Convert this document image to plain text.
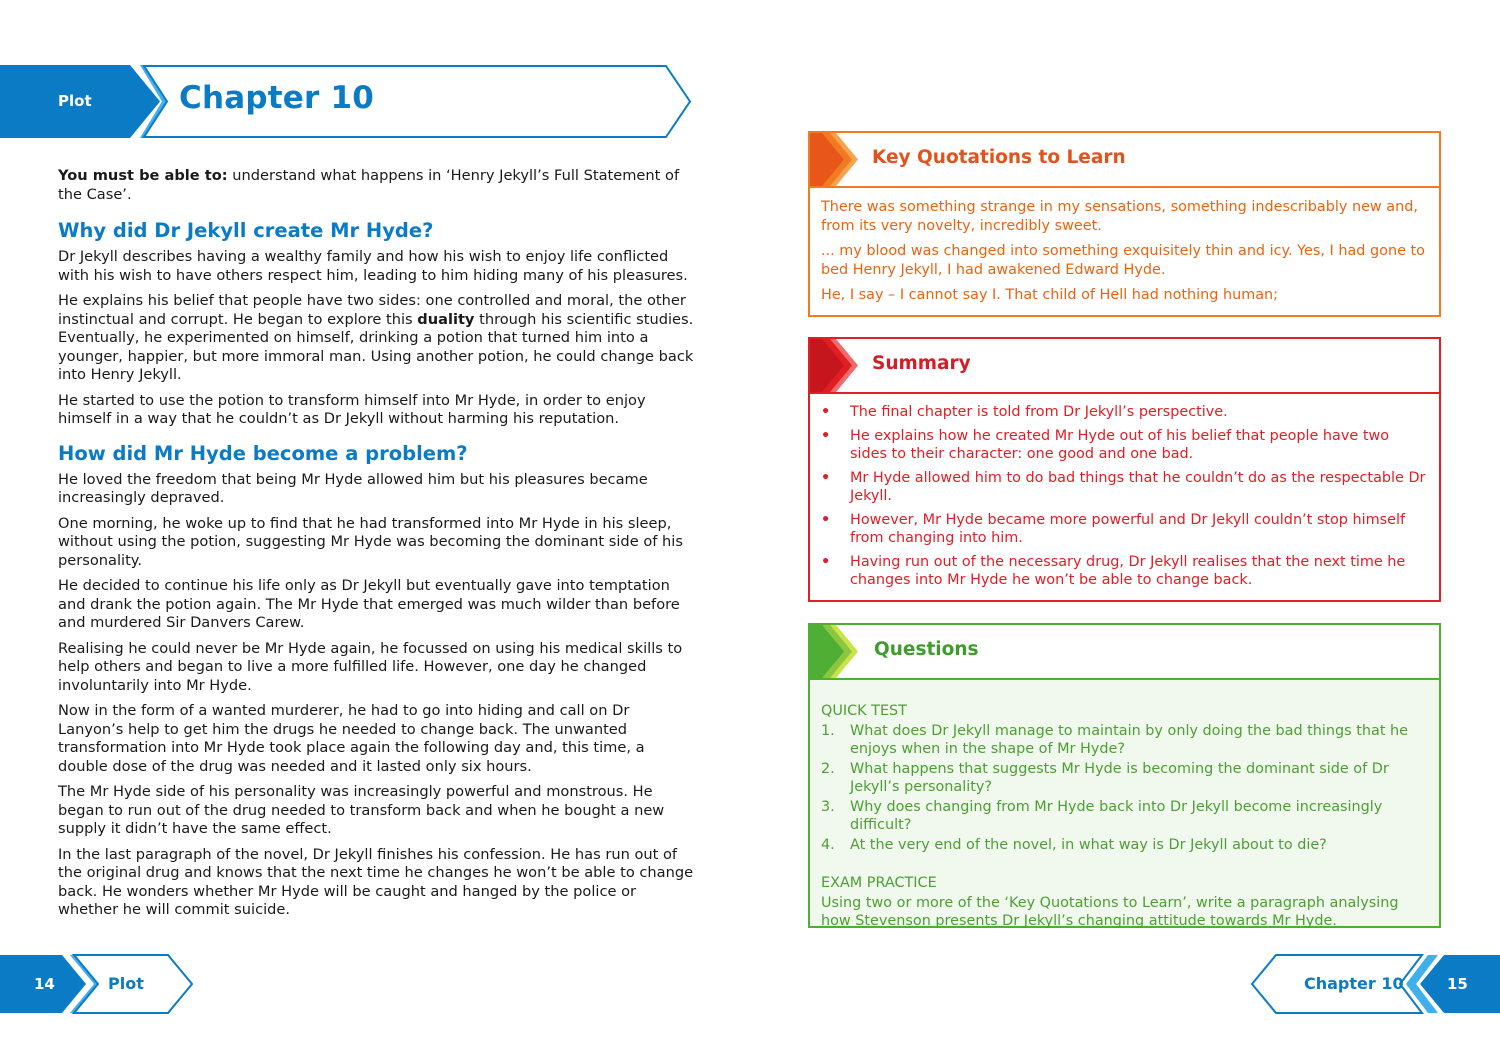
Plot	Chapter 10

You must be able to: understand what happens in ‘Henry Jekyll’s Full Statement of the Case’.

Why did Dr Jekyll create Mr Hyde?

Dr Jekyll describes having a wealthy family and how his wish to enjoy life conflicted with his wish to have others respect him, leading to him hiding many of his pleasures.

He explains his belief that people have two sides: one controlled and moral, the other instinctual and corrupt. He began to explore this duality through his scientific studies. Eventually, he experimented on himself, drinking a potion that turned him into a younger, happier, but more immoral man. Using another potion, he could change back into Henry Jekyll.

He started to use the potion to transform himself into Mr Hyde, in order to enjoy himself in a way that he couldn’t as Dr Jekyll without harming his reputation.

How did Mr Hyde become a problem?

He loved the freedom that being Mr Hyde allowed him but his pleasures became increasingly depraved.

One morning, he woke up to find that he had transformed into Mr Hyde in his sleep, without using the potion, suggesting Mr Hyde was becoming the dominant side of his personality.

He decided to continue his life only as Dr Jekyll but eventually gave into temptation and drank the potion again. The Mr Hyde that emerged was much wilder than before and murdered Sir Danvers Carew.

Realising he could never be Mr Hyde again, he focussed on using his medical skills to help others and began to live a more fulfilled life. However, one day he changed involuntarily into Mr Hyde.

Now in the form of a wanted murderer, he had to go into hiding and call on Dr Lanyon’s help to get him the drugs he needed to change back. The unwanted transformation into Mr Hyde took place again the following day and, this time, a double dose of the drug was needed and it lasted only six hours.

The Mr Hyde side of his personality was increasingly powerful and monstrous. He began to run out of the drug needed to transform back and when he bought a new supply it didn’t have the same effect.

In the last paragraph of the novel, Dr Jekyll finishes his confession. He has run out of the original drug and knows that the next time he changes he won’t be able to change back. He wonders whether Mr Hyde will be caught and hanged by the police or whether he will commit suicide.

Key Quotations to Learn

There was something strange in my sensations, something indescribably new and, from its very novelty, incredibly sweet.

... my blood was changed into something exquisitely thin and icy. Yes, I had gone to bed Henry Jekyll, I had awakened Edward Hyde.

He, I say – I cannot say I. That child of Hell had nothing human;

Summary
• The final chapter is told from Dr Jekyll’s perspective.
• He explains how he created Mr Hyde out of his belief that people have two sides to their character: one good and one bad.
• Mr Hyde allowed him to do bad things that he couldn’t do as the respectable Dr Jekyll.
• However, Mr Hyde became more powerful and Dr Jekyll couldn’t stop himself from changing into him.
• Having run out of the necessary drug, Dr Jekyll realises that the next time he changes into Mr Hyde he won’t be able to change back.
Questions
QUICK TEST
1. What does Dr Jekyll manage to maintain by only doing the bad things that he enjoys when in the shape of Mr Hyde?
2. What happens that suggests Mr Hyde is becoming the dominant side of Dr Jekyll’s personality?
3. Why does changing from Mr Hyde back into Dr Jekyll become increasingly difficult?
4. At the very end of the novel, in what way is Dr Jekyll about to die?
EXAM PRACTICE
Using two or more of the ‘Key Quotations to Learn’, write a paragraph analysing how Stevenson presents Dr Jekyll’s changing attitude towards Mr Hyde.
14	Plot	Chapter 10	15
